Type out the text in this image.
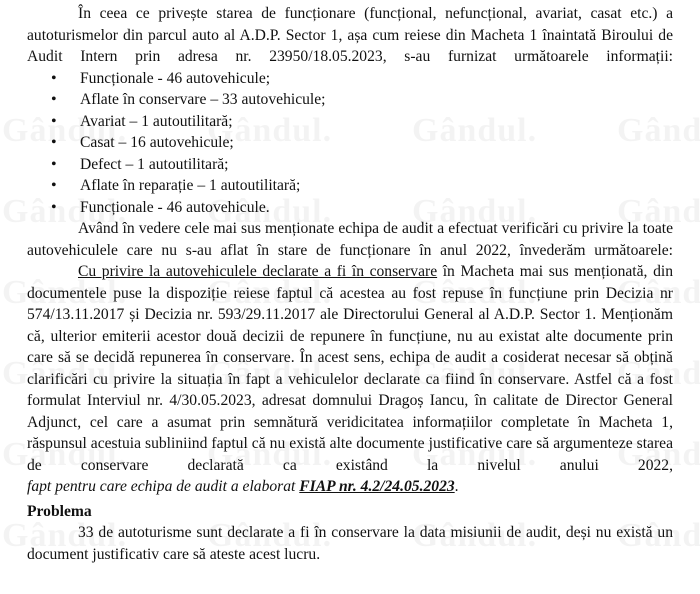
În ceea ce privește starea de funcționare (funcțional, nefuncțional, avariat, casat etc.) a autoturismelor din parcul auto al A.D.P. Sector 1, așa cum reiese din Macheta 1 înaintată Biroului de Audit Intern prin adresa nr. 23950/18.05.2023, s-au furnizat următoarele informații:

• Funcționale - 46 autovehicule;
• Aflate în conservare – 33 autovehicule;
• Avariat – 1 autoutilitară;
• Casat – 16 autovehicule;
• Defect – 1 autoutilitară;
• Aflate în reparație – 1 autoutilitară;
• Funcționale - 46 autovehicule.

Având în vedere cele mai sus menționate echipa de audit a efectuat verificări cu privire la toate autovehiculele care nu s-au aflat în stare de funcționare în anul 2022, învederăm următoarele:

Cu privire la autovehiculele declarate a fi în conservare în Macheta mai sus menționată, din documentele puse la dispoziție reiese faptul că acestea au fost repuse în funcțiune prin Decizia nr 574/13.11.2017 și Decizia nr. 593/29.11.2017 ale Directorului General al A.D.P. Sector 1. Menționăm că, ulterior emiterii acestor două decizii de repunere în funcțiune, nu au existat alte documente prin care să se decidă repunerea în conservare. În acest sens, echipa de audit a cosiderat necesar să obțină clarificări cu privire la situația în fapt a vehiculelor declarate ca fiind în conservare. Astfel că a fost formulat Interviul nr. 4/30.05.2023, adresat domnului Dragoș Iancu, în calitate de Director General Adjunct, cel care a asumat prin semnătură veridicitatea informațiilor completate în Macheta 1, răspunsul acestuia subliniind faptul că nu există alte documente justificative care să argumenteze starea de conservare declarată ca existând la nivelul anului 2022,

fapt pentru care echipa de audit a elaborat FIAP nr. 4.2/24.05.2023.

Problema

33 de autoturisme sunt declarate a fi în conservare la data misiunii de audit, deși nu există un document justificativ care să ateste acest lucru.
